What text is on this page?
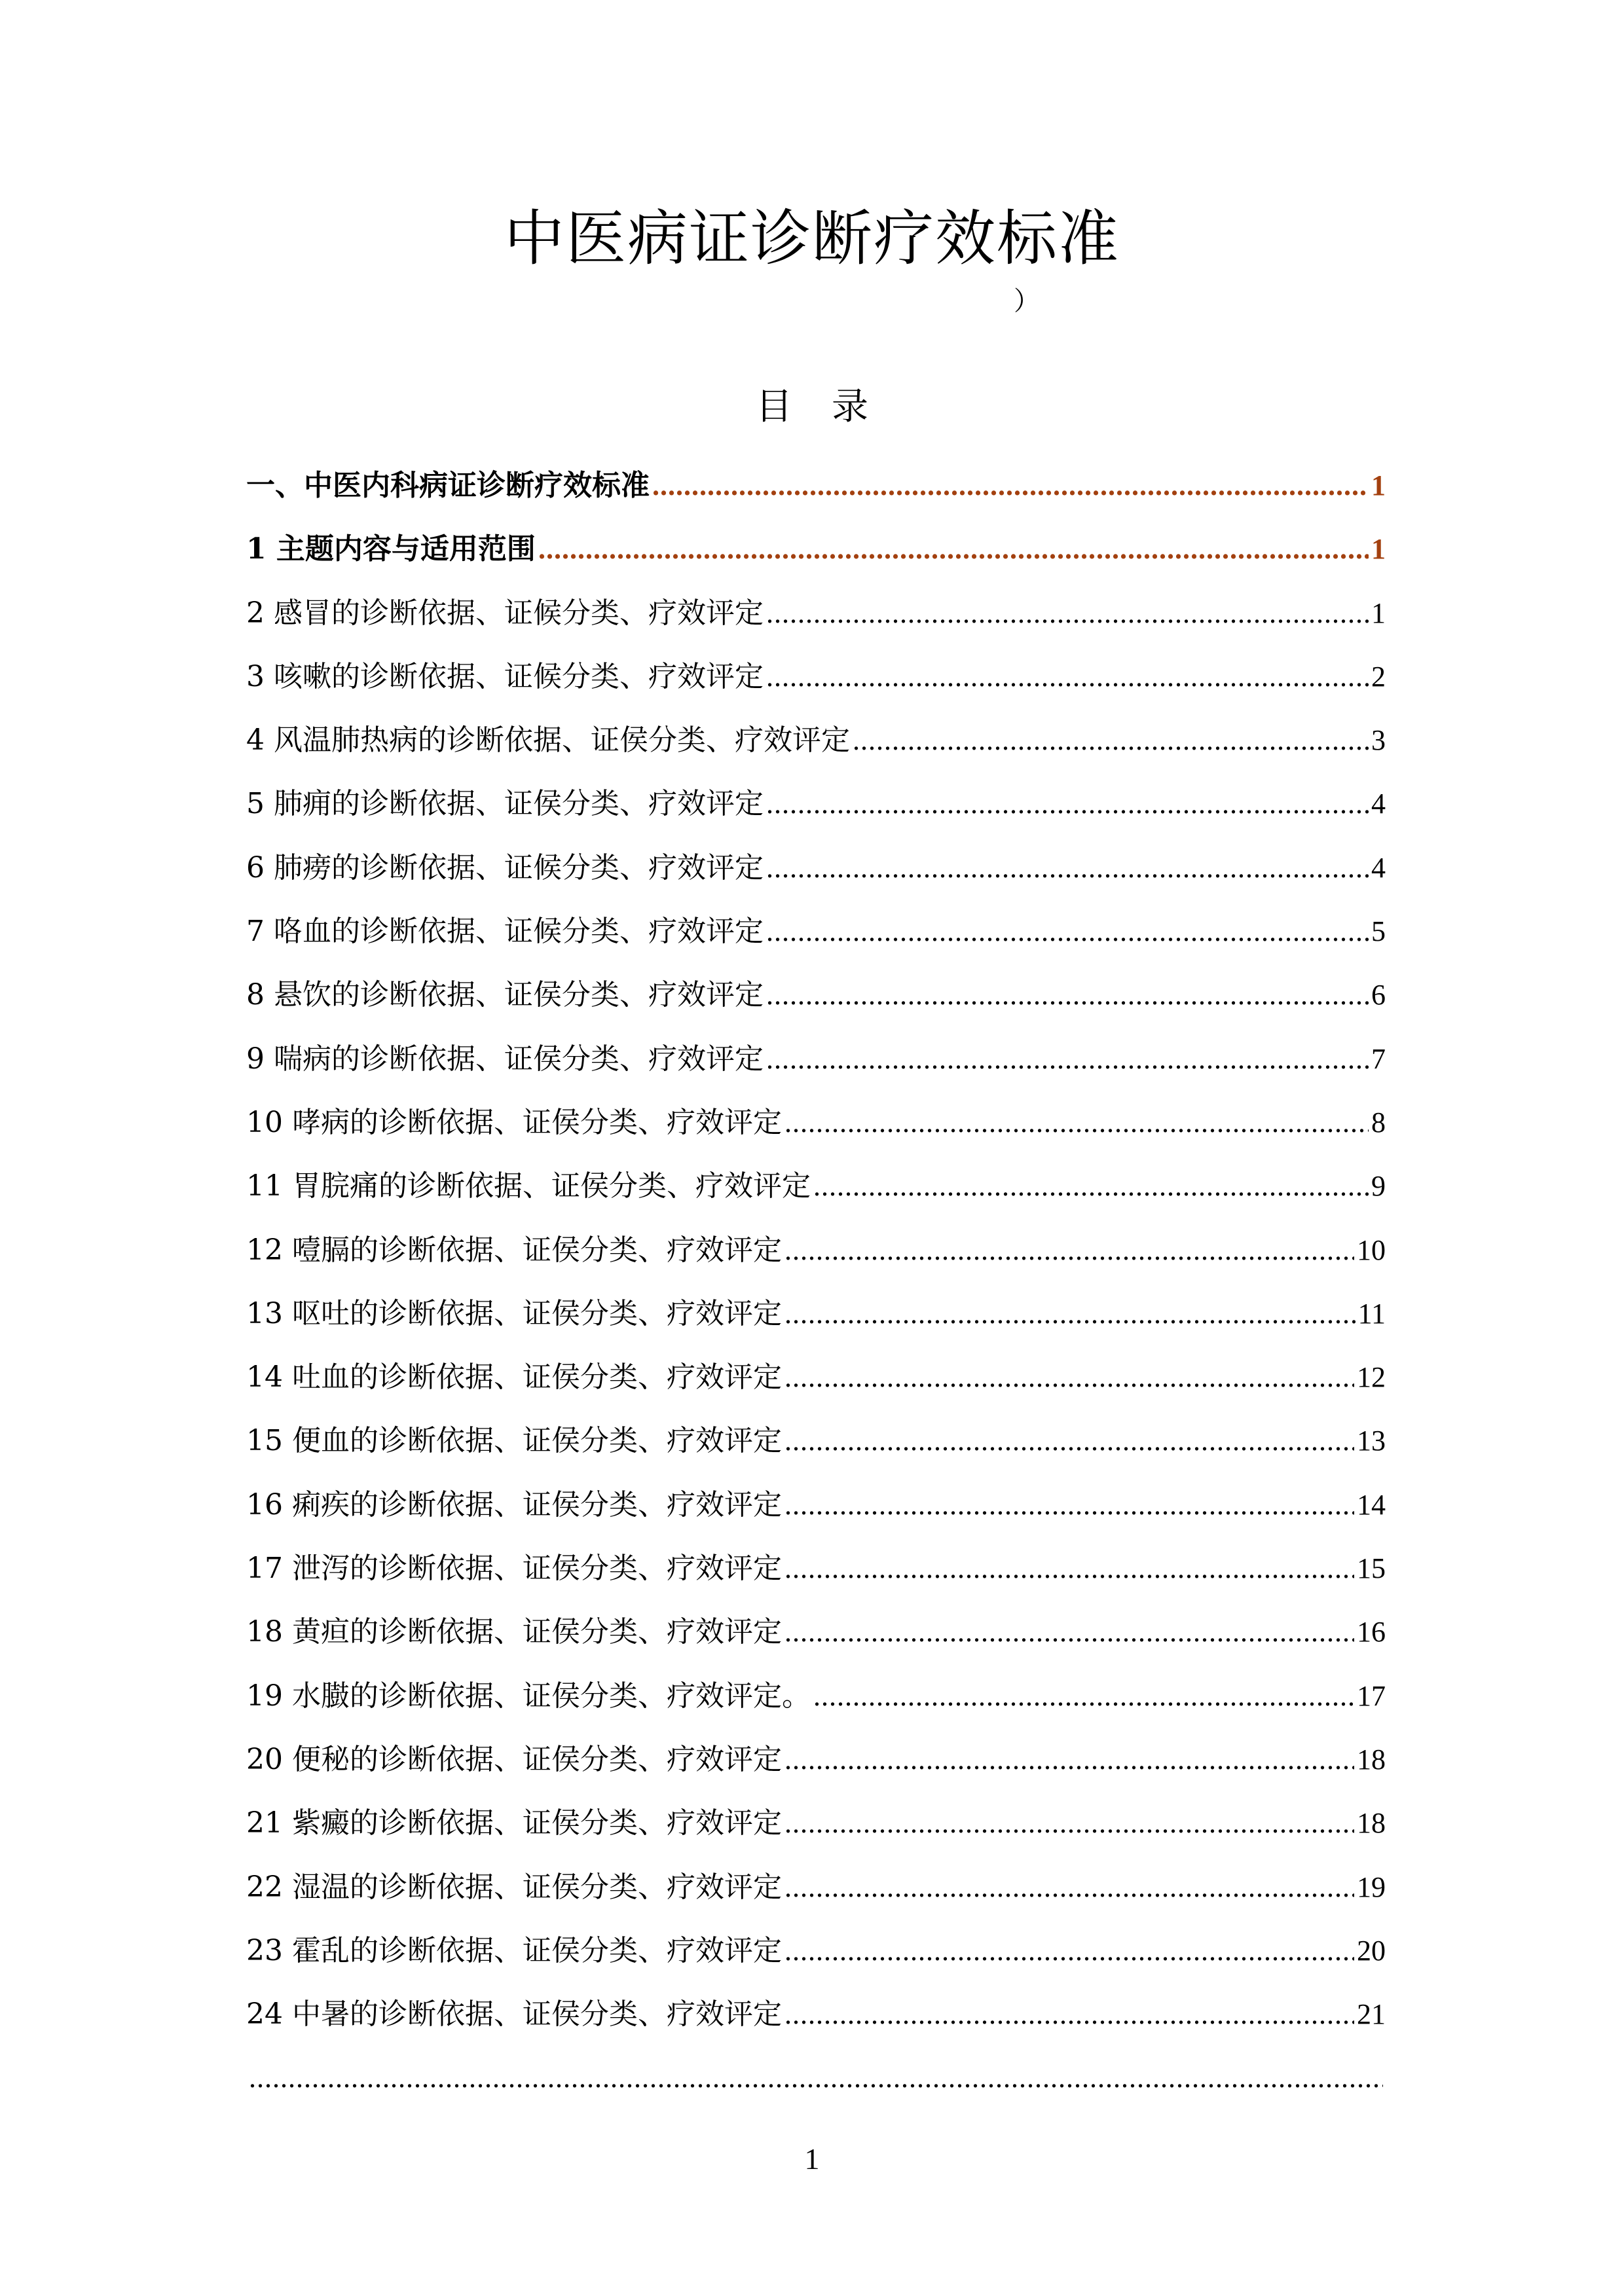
中医病证诊断疗效标准
）
目 录
一、中医内科病证诊断疗效标准 .....	1
1 主题内容与适用范围 .....	1
2 感冒的诊断依据、证候分类、疗效评定 .....	1
3 咳嗽的诊断依据、证候分类、疗效评定 .....	2
4 风温肺热病的诊断依据、证侯分类、疗效评定 .....	3
5 肺痈的诊断依据、证侯分类、疗效评定 .....	4
6 肺痨的诊断依据、证候分类、疗效评定 .....	4
7 咯血的诊断依据、证候分类、疗效评定 .....	5
8 悬饮的诊断依据、证侯分类、疗效评定 .....	6
9 喘病的诊断依据、证侯分类、疗效评定 .....	7
10 哮病的诊断依据、证侯分类、疗效评定 .....	8
11 胃脘痛的诊断依据、证侯分类、疗效评定 .....	9
12 噎膈的诊断依据、证侯分类、疗效评定 .....	10
13 呕吐的诊断依据、证侯分类、疗效评定 .....	11
14 吐血的诊断依据、证侯分类、疗效评定 .....	12
15 便血的诊断依据、证侯分类、疗效评定 .....	13
16 痢疾的诊断依据、证侯分类、疗效评定 .....	14
17 泄泻的诊断依据、证侯分类、疗效评定 .....	15
18 黄疸的诊断依据、证侯分类、疗效评定 .....	16
19 水臌的诊断依据、证侯分类、疗效评定。 .....	17
20 便秘的诊断依据、证侯分类、疗效评定 .....	18
21 紫癜的诊断依据、证侯分类、疗效评定 .....	18
22 湿温的诊断依据、证侯分类、疗效评定 .....	19
23 霍乱的诊断依据、证侯分类、疗效评定 .....	20
24 中暑的诊断依据、证侯分类、疗效评定 .....	21
.....
1
